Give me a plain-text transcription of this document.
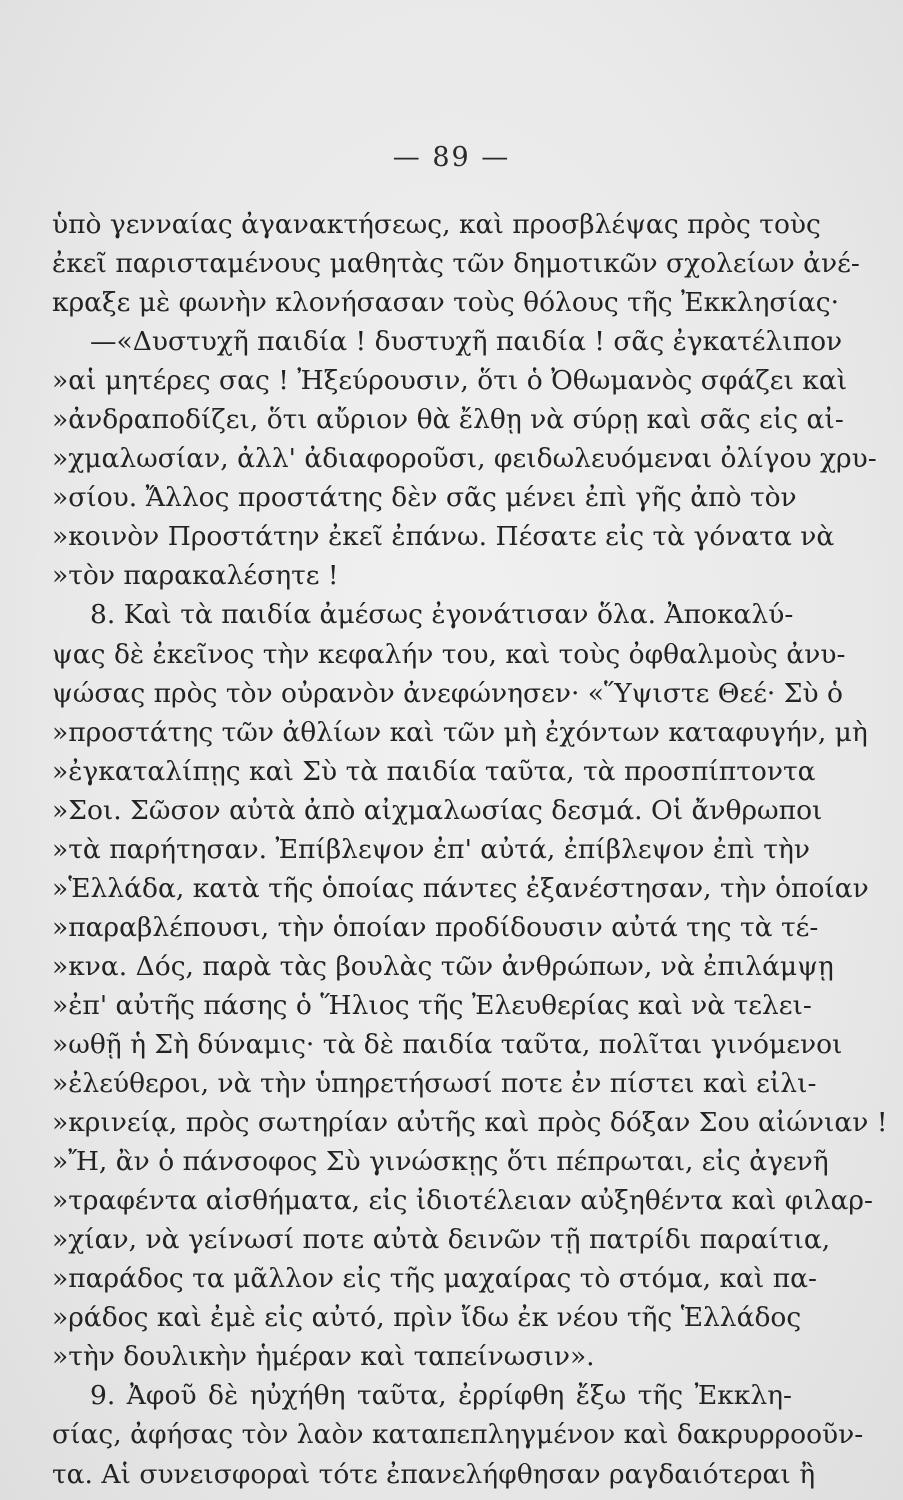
— 89 —
ὑπὸ γενναίας ἀγανακτήσεως, καὶ προσβλέψας πρὸς τοὺς
ἐκεῖ παρισταμένους μαθητὰς τῶν δημοτικῶν σχολείων ἀνέ-
κραξε μὲ φωνὴν κλονήσασαν τοὺς θόλους τῆς Ἐκκλησίας·
—«Δυστυχῆ παιδία ! δυστυχῆ παιδία ! σᾶς ἐγκατέλιπον
»αἱ μητέρες σας ! Ἠξεύρουσιν, ὅτι ὁ Ὀθωμανὸς σφάζει καὶ
»ἀνδραποδίζει, ὅτι αὔριον θὰ ἔλθῃ νὰ σύρῃ καὶ σᾶς εἰς αἰ-
»χμαλωσίαν, ἀλλ' ἀδιαφοροῦσι, φειδωλευόμεναι ὀλίγου χρυ-
»σίου. Ἄλλος προστάτης δὲν σᾶς μένει ἐπὶ γῆς ἀπὸ τὸν
»κοινὸν Προστάτην ἐκεῖ ἐπάνω. Πέσατε εἰς τὰ γόνατα νὰ
»τὸν παρακαλέσητε !
8. Καὶ τὰ παιδία ἀμέσως ἐγονάτισαν ὅλα. Ἀποκαλύ-
ψας δὲ ἐκεῖνος τὴν κεφαλήν του, καὶ τοὺς ὀφθαλμοὺς ἀνυ-
ψώσας πρὸς τὸν οὐρανὸν ἀνεφώνησεν· «Ὕψιστε Θεέ· Σὺ ὁ
»προστάτης τῶν ἀθλίων καὶ τῶν μὴ ἐχόντων καταφυγήν, μὴ
»ἐγκαταλίπῃς καὶ Σὺ τὰ παιδία ταῦτα, τὰ προσπίπτοντα
»Σοι. Σῶσον αὐτὰ ἀπὸ αἰχμαλωσίας δεσμά. Οἱ ἄνθρωποι
»τὰ παρήτησαν. Ἐπίβλεψον ἐπ' αὐτά, ἐπίβλεψον ἐπὶ τὴν
»Ἑλλάδα, κατὰ τῆς ὁποίας πάντες ἐξανέστησαν, τὴν ὁποίαν
»παραβλέπουσι, τὴν ὁποίαν προδίδουσιν αὐτά της τὰ τέ-
»κνα. Δός, παρὰ τὰς βουλὰς τῶν ἀνθρώπων, νὰ ἐπιλάμψῃ
»ἐπ' αὐτῆς πάσης ὁ Ἥλιος τῆς Ἐλευθερίας καὶ νὰ τελει-
»ωθῇ ἡ Σὴ δύναμις· τὰ δὲ παιδία ταῦτα, πολῖται γινόμενοι
»ἐλεύθεροι, νὰ τὴν ὑπηρετήσωσί ποτε ἐν πίστει καὶ εἰλι-
»κρινείᾳ, πρὸς σωτηρίαν αὐτῆς καὶ πρὸς δόξαν Σου αἰώνιαν !
»Ἤ, ἂν ὁ πάνσοφος Σὺ γινώσκῃς ὅτι πέπρωται, εἰς ἀγενῆ
»τραφέντα αἰσθήματα, εἰς ἰδιοτέλειαν αὐξηθέντα καὶ φιλαρ-
»χίαν, νὰ γείνωσί ποτε αὐτὰ δεινῶν τῇ πατρίδι παραίτια,
»παράδος τα μᾶλλον εἰς τῆς μαχαίρας τὸ στόμα, καὶ πα-
»ράδος καὶ ἐμὲ εἰς αὐτό, πρὶν ἴδω ἐκ νέου τῆς Ἑλλάδος
»τὴν δουλικὴν ἡμέραν καὶ ταπείνωσιν».
9. Ἀφοῦ δὲ ηὐχήθη ταῦτα, ἐρρίφθη ἔξω τῆς Ἐκκλη-
σίας, ἀφήσας τὸν λαὸν καταπεπληγμένον καὶ δακρυρροοῦν-
τα. Αἱ συνεισφοραὶ τότε ἐπανελήφθησαν ραγδαιότεραι ἢ
